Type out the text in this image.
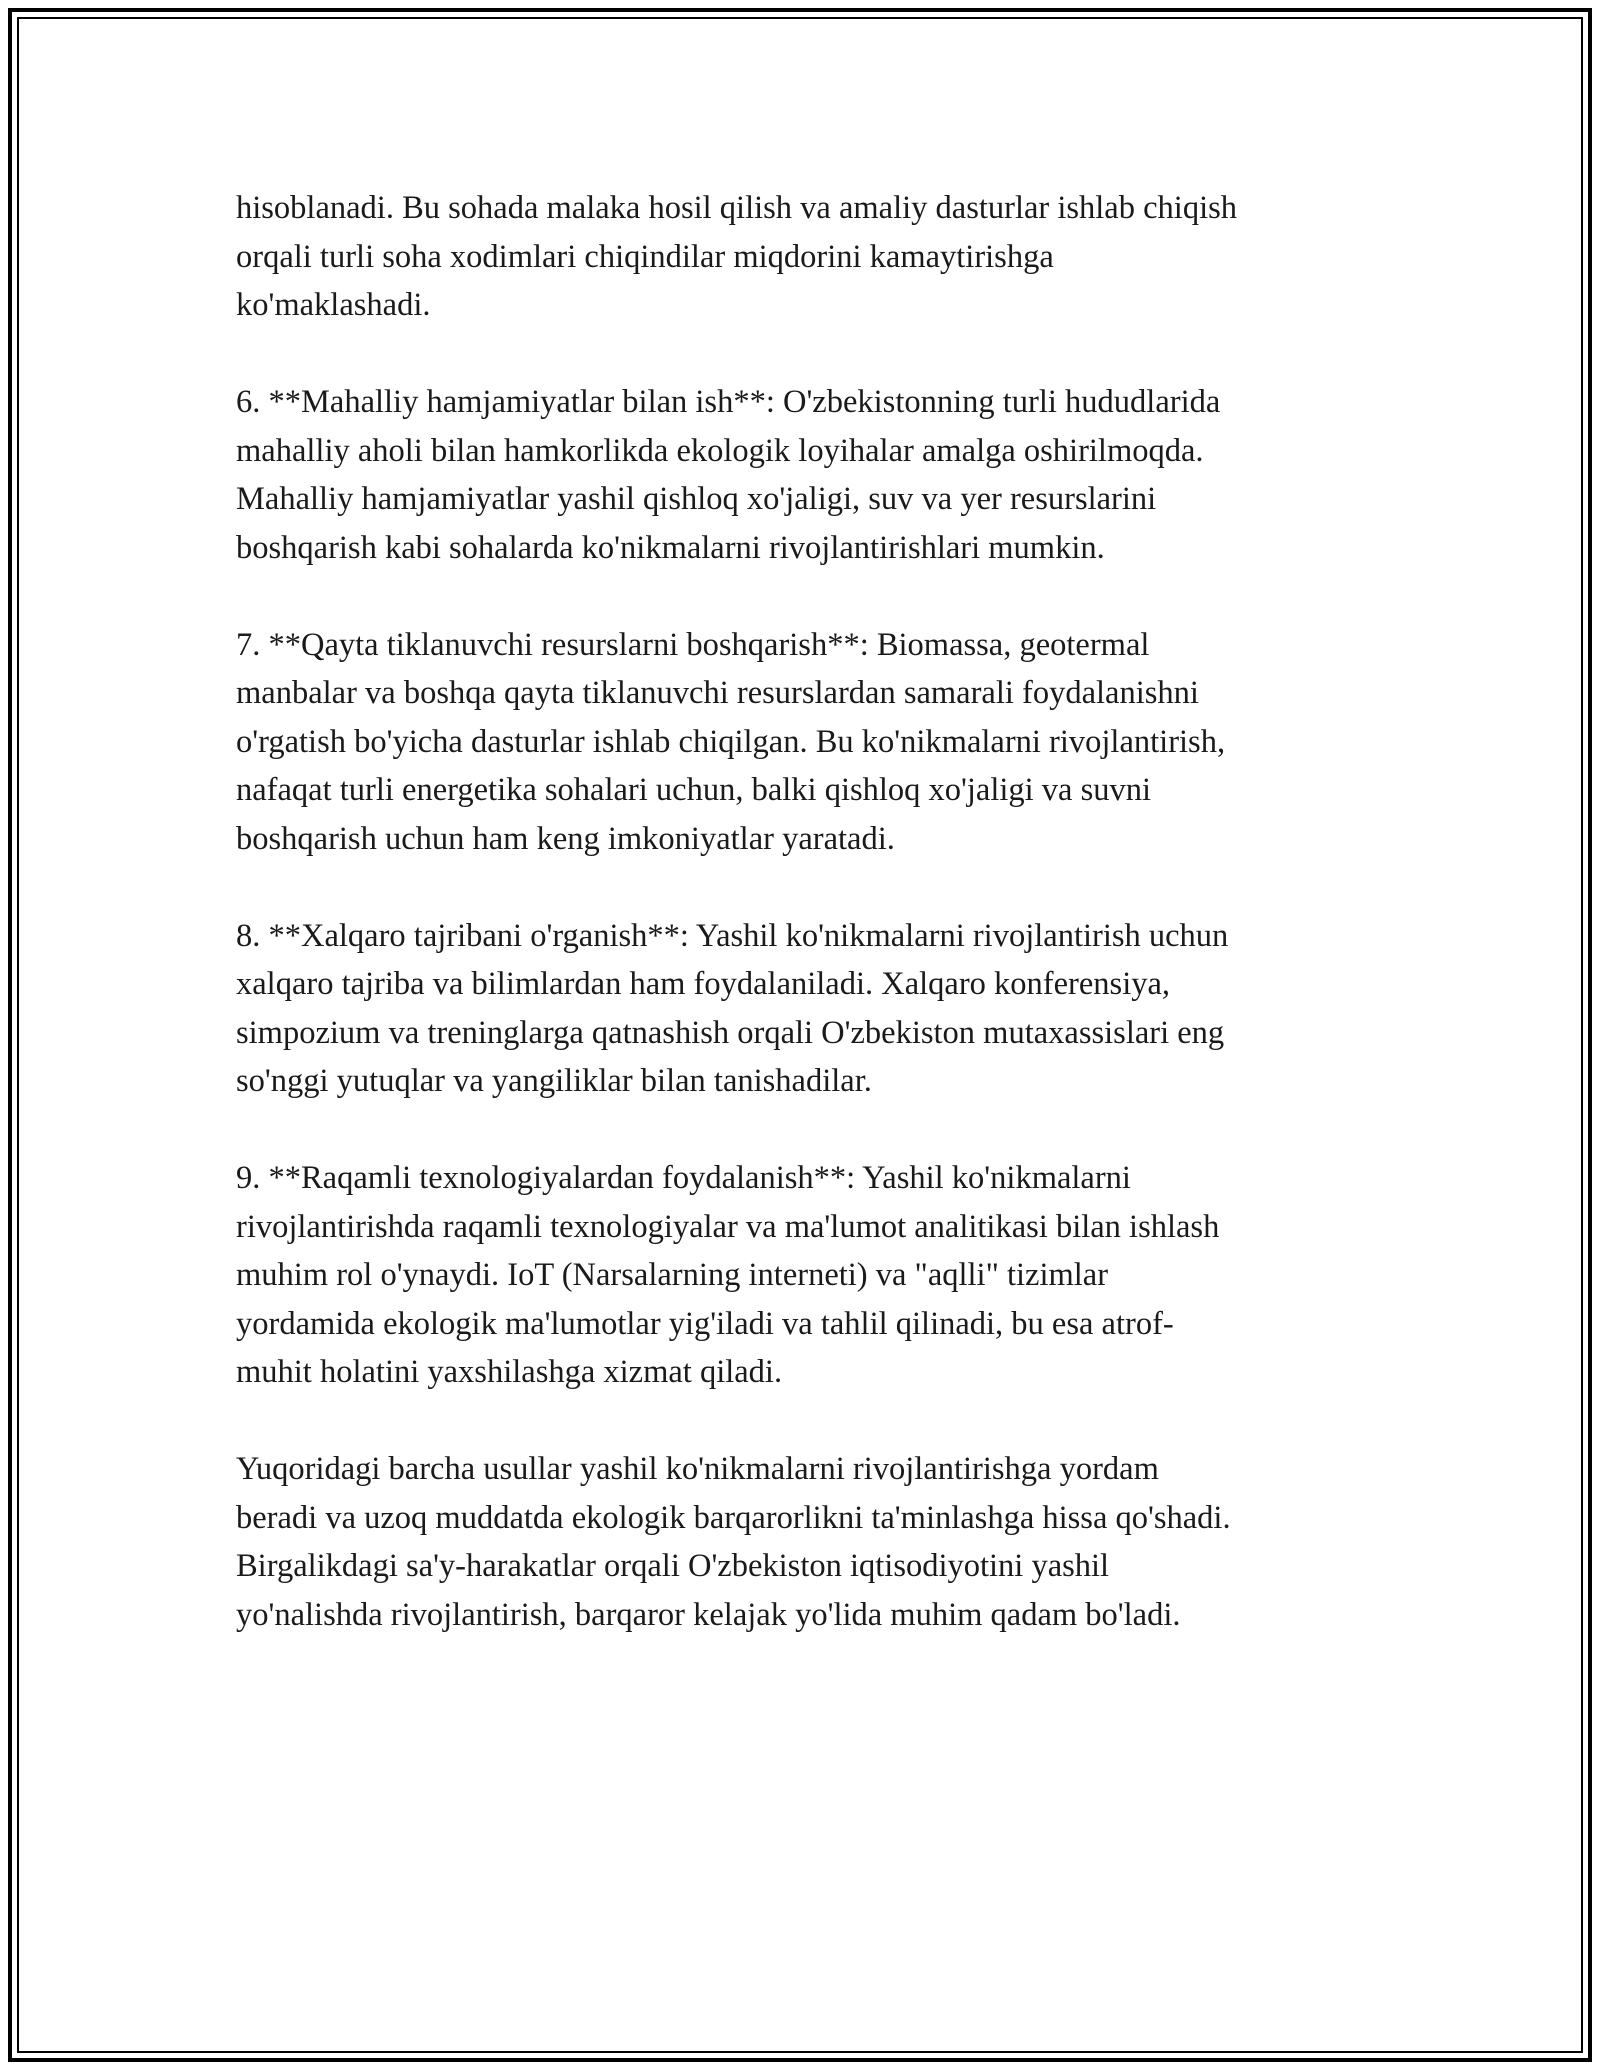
hisoblanadi. Bu sohada malaka hosil qilish va amaliy dasturlar ishlab chiqish
orqali turli soha xodimlari chiqindilar miqdorini kamaytirishga
ko'maklashadi.

6. **Mahalliy hamjamiyatlar bilan ish**: O'zbekistonning turli hududlarida
mahalliy aholi bilan hamkorlikda ekologik loyihalar amalga oshirilmoqda.
Mahalliy hamjamiyatlar yashil qishloq xo'jaligi, suv va yer resurslarini
boshqarish kabi sohalarda ko'nikmalarni rivojlantirishlari mumkin.

7. **Qayta tiklanuvchi resurslarni boshqarish**: Biomassa, geotermal
manbalar va boshqa qayta tiklanuvchi resurslardan samarali foydalanishni
o'rgatish bo'yicha dasturlar ishlab chiqilgan. Bu ko'nikmalarni rivojlantirish,
nafaqat turli energetika sohalari uchun, balki qishloq xo'jaligi va suvni
boshqarish uchun ham keng imkoniyatlar yaratadi.

8. **Xalqaro tajribani o'rganish**: Yashil ko'nikmalarni rivojlantirish uchun
xalqaro tajriba va bilimlardan ham foydalaniladi. Xalqaro konferensiya,
simpozium va treninglarga qatnashish orqali O'zbekiston mutaxassislari eng
so'nggi yutuqlar va yangiliklar bilan tanishadilar.

9. **Raqamli texnologiyalardan foydalanish**: Yashil ko'nikmalarni
rivojlantirishda raqamli texnologiyalar va ma'lumot analitikasi bilan ishlash
muhim rol o'ynaydi. IoT (Narsalarning interneti) va "aqlli" tizimlar
yordamida ekologik ma'lumotlar yig'iladi va tahlil qilinadi, bu esa atrof-
muhit holatini yaxshilashga xizmat qiladi.

Yuqoridagi barcha usullar yashil ko'nikmalarni rivojlantirishga yordam
beradi va uzoq muddatda ekologik barqarorlikni ta'minlashga hissa qo'shadi.
Birgalikdagi sa'y-harakatlar orqali O'zbekiston iqtisodiyotini yashil
yo'nalishda rivojlantirish, barqaror kelajak yo'lida muhim qadam bo'ladi.
